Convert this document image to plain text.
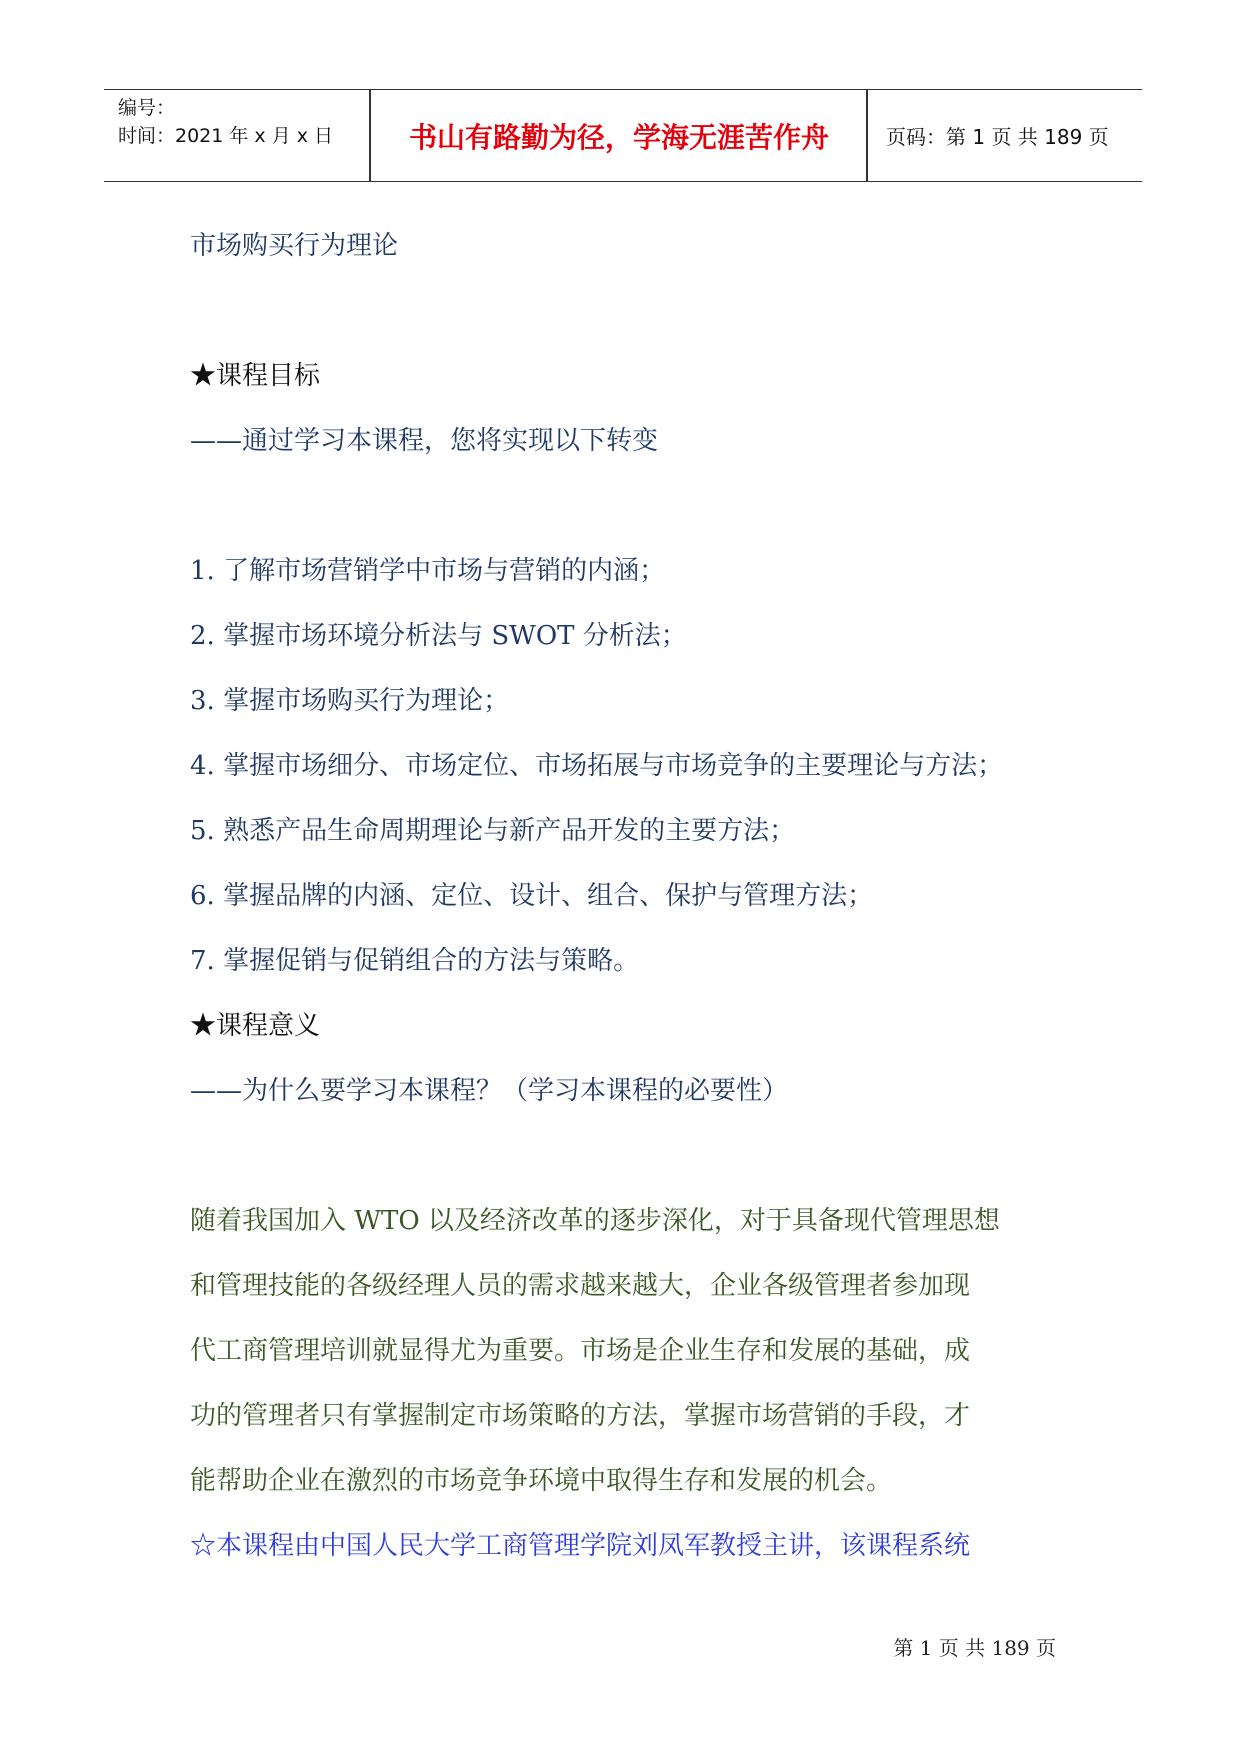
编号：
时间：2021 年 x 月 x 日	书山有路勤为径，学海无涯苦作舟	页码：第 1 页 共 189 页
市场购买行为理论
★课程目标
——通过学习本课程，您将实现以下转变
1. 了解市场营销学中市场与营销的内涵；
2. 掌握市场环境分析法与 SWOT 分析法；
3. 掌握市场购买行为理论；
4. 掌握市场细分、市场定位、市场拓展与市场竞争的主要理论与方法；
5. 熟悉产品生命周期理论与新产品开发的主要方法；
6. 掌握品牌的内涵、定位、设计、组合、保护与管理方法；
7. 掌握促销与促销组合的方法与策略。
★课程意义
——为什么要学习本课程？（学习本课程的必要性）
随着我国加入 WTO 以及经济改革的逐步深化，对于具备现代管理思想
和管理技能的各级经理人员的需求越来越大，企业各级管理者参加现
代工商管理培训就显得尤为重要。市场是企业生存和发展的基础，成
功的管理者只有掌握制定市场策略的方法，掌握市场营销的手段，才
能帮助企业在激烈的市场竞争环境中取得生存和发展的机会。
☆本课程由中国人民大学工商管理学院刘凤军教授主讲，该课程系统
第 1 页 共 189 页
